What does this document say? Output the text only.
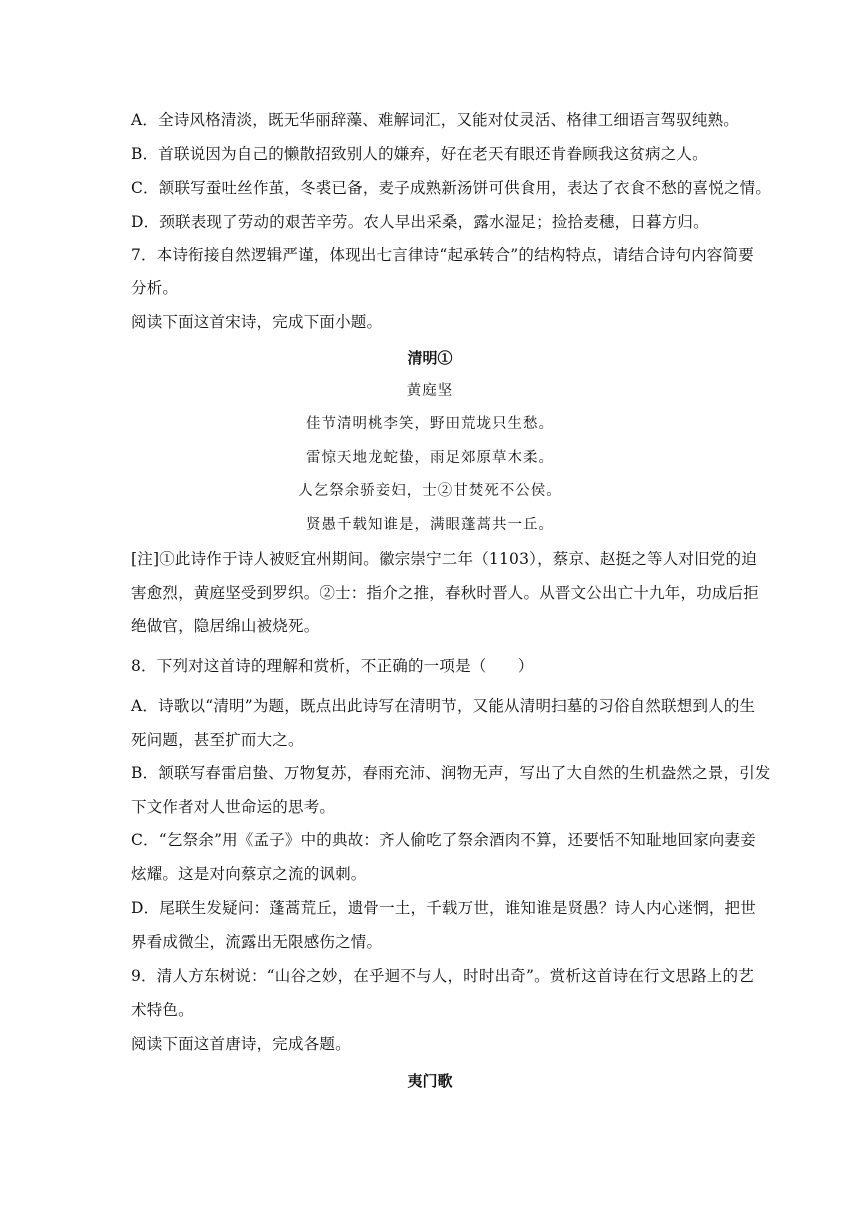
A．全诗风格清淡，既无华丽辞藻、难解词汇，又能对仗灵活、格律工细语言驾驭纯熟。
B．首联说因为自己的懒散招致别人的嫌弃，好在老天有眼还肯眷顾我这贫病之人。
C．颔联写蚕吐丝作茧，冬裘已备，麦子成熟新汤饼可供食用，表达了衣食不愁的喜悦之情。
D．颈联表现了劳动的艰苦辛劳。农人早出采桑，露水湿足；捡拾麦穗，日暮方归。
7．本诗衔接自然逻辑严谨，体现出七言律诗“起承转合”的结构特点，请结合诗句内容简要
分析。
阅读下面这首宋诗，完成下面小题。
清明①
黄庭坚
佳节清明桃李笑，野田荒垅只生愁。
雷惊天地龙蛇蛰，雨足郊原草木柔。
人乞祭余骄妾妇，士②甘焚死不公侯。
贤愚千载知谁是，满眼蓬蒿共一丘。
[注]①此诗作于诗人被贬宜州期间。徽宗崇宁二年（1103），蔡京、赵挺之等人对旧党的迫
害愈烈，黄庭坚受到罗织。②士：指介之推，春秋时晋人。从晋文公出亡十九年，功成后拒
绝做官，隐居绵山被烧死。
8．下列对这首诗的理解和赏析，不正确的一项是（　　）
A．诗歌以“清明”为题，既点出此诗写在清明节，又能从清明扫墓的习俗自然联想到人的生
死问题，甚至扩而大之。
B．颔联写春雷启蛰、万物复苏，春雨充沛、润物无声，写出了大自然的生机盎然之景，引发
下文作者对人世命运的思考。
C．“乞祭余”用《孟子》中的典故：齐人偷吃了祭余酒肉不算，还要恬不知耻地回家向妻妾
炫耀。这是对向蔡京之流的讽刺。
D．尾联生发疑问：蓬蒿荒丘，遗骨一土，千载万世，谁知谁是贤愚？诗人内心迷惘，把世
界看成微尘，流露出无限感伤之情。
9．清人方东树说：“山谷之妙，在乎迴不与人，时时出奇”。赏析这首诗在行文思路上的艺
术特色。
阅读下面这首唐诗，完成各题。
夷门歌
